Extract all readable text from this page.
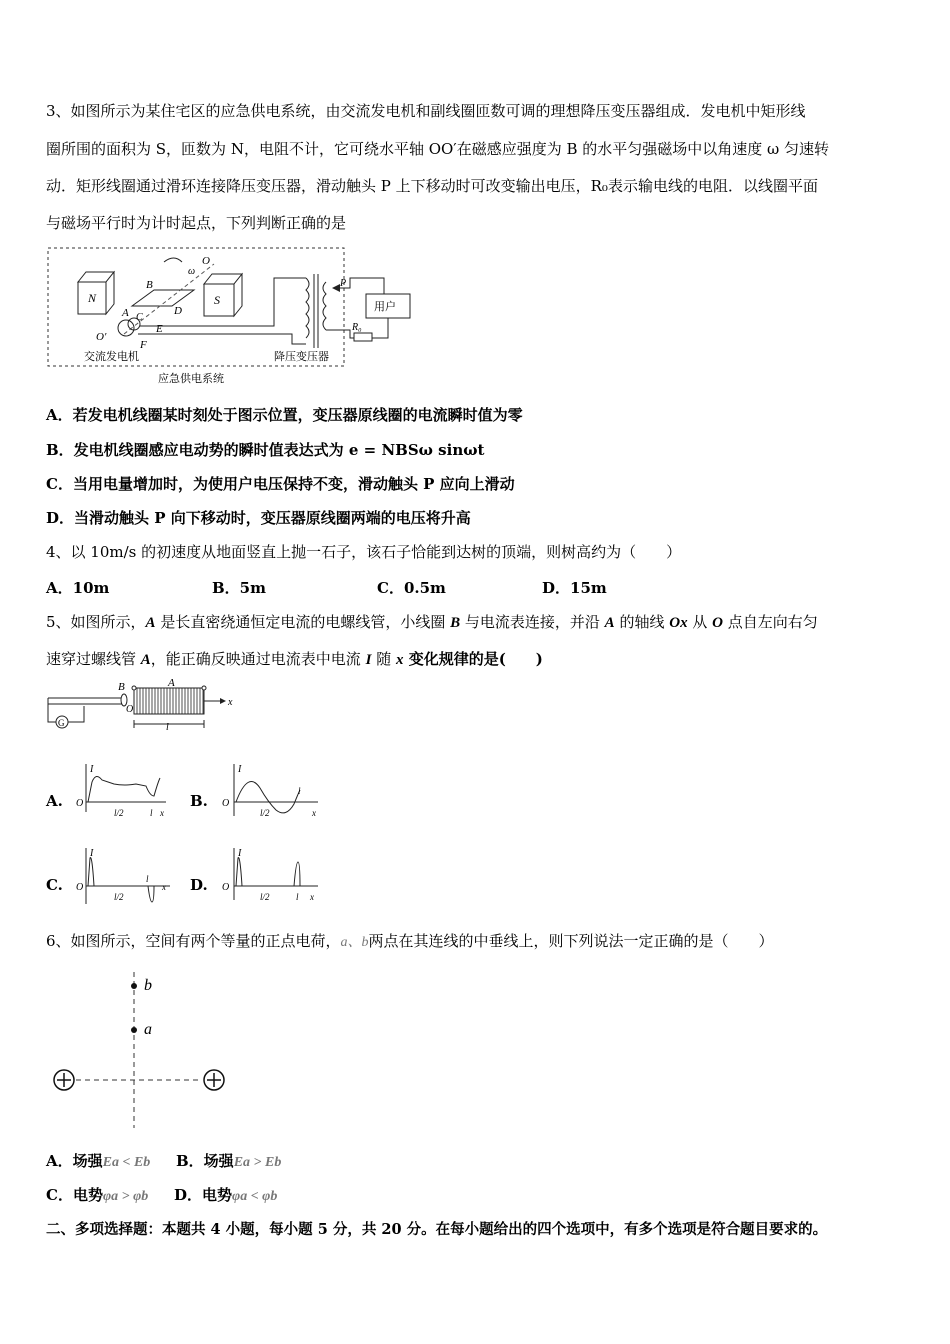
3、如图所示为某住宅区的应急供电系统，由交流发电机和副线圈匝数可调的理想降压变压器组成．发电机中矩形线
圈所围的面积为 S，匝数为 N，电阻不计，它可绕水平轴 OO′在磁感应强度为 B 的水平匀强磁场中以角速度 ω 匀速转
动．矩形线圈通过滑环连接降压变压器，滑动触头 P 上下移动时可改变输出电压，R₀表示输电线的电阻．以线圈平面
与磁场平行时为计时起点，下列判断正确的是
N	S
B
O
ω
A	D
C
E
O′
F
P
用户
R₀
交流发电机	降压变压器
应急供电系统
A．若发电机线圈某时刻处于图示位置，变压器原线圈的电流瞬时值为零
B．发电机线圈感应电动势的瞬时值表达式为 e = NBSω sinωt
C．当用电量增加时，为使用户电压保持不变，滑动触头 P 应向上滑动
D．当滑动触头 P 向下移动时，变压器原线圈两端的电压将升高
4、以 10m/s 的初速度从地面竖直上抛一石子，该石子恰能到达树的顶端，则树高约为（　　）
A．10m	B．5m	C．0.5m	D．15m
5、如图所示，A 是长直密绕通恒定电流的电螺线管，小线圈 B 与电流表连接，并沿 A 的轴线 Ox 从 O 点自左向右匀
速穿过螺线管 A，能正确反映通过电流表中电流 I 随 x 变化规律的是(　　)
G
B
O
A
x
l
A. O
I
l/2	l x
B. O
I
l/2
l
x
C. O
I
l/2
l
x D. O
I
l/2	l x
6、如图所示，空间有两个等量的正点电荷，a、b两点在其连线的中垂线上，则下列说法一定正确的是（　　）
b
a
A．场强Ea < Eb B．场强Ea > Eb
C．电势φa > φb D．电势φa < φb
二、多项选择题：本题共 4 小题，每小题 5 分，共 20 分。在每小题给出的四个选项中，有多个选项是符合题目要求的。
